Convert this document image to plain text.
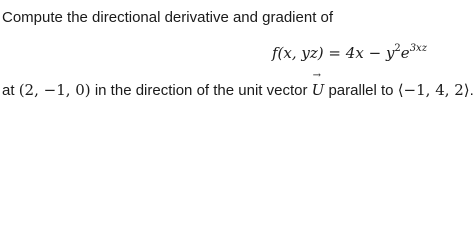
Compute the directional derivative and gradient of
f(x, $yz) = 4x - y^2e^{3xz}$
at (2, −1, 0) in the direction of the unit vector
→
U parallel to ⟨−1, 4, 2⟩.
